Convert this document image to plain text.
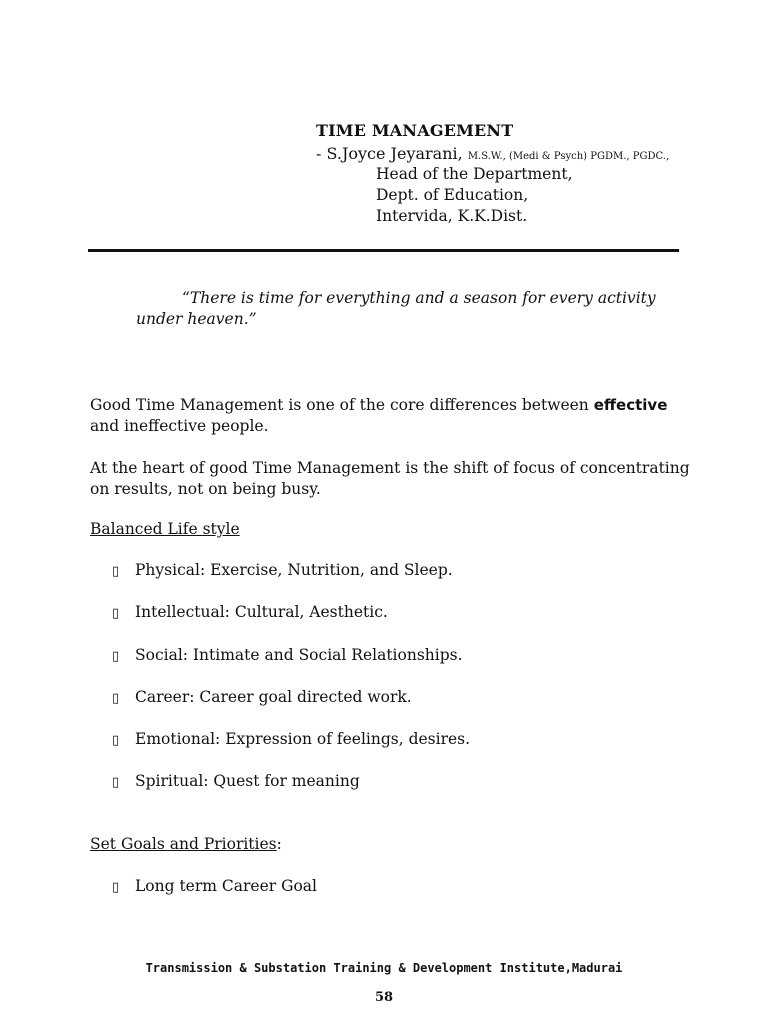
TIME MANAGEMENT
- S.Joyce Jeyarani, M.S.W., (Medi & Psych) PGDM., PGDC.,
Head of the Department,
Dept. of Education,
Intervida, K.K.Dist.
“There is time for everything and a season for every activity under heaven.”
Good Time Management is one of the core differences between effective and ineffective people.
At the heart of good Time Management is the shift of focus of concentrating on results, not on being busy.
Balanced Life style
▯ Physical: Exercise, Nutrition, and Sleep.
▯ Intellectual: Cultural, Aesthetic.
▯ Social: Intimate and Social Relationships.
▯ Career: Career goal directed work.
▯ Emotional: Expression of feelings, desires.
▯ Spiritual: Quest for meaning
Set Goals and Priorities:
▯ Long term Career Goal
Transmission & Substation Training & Development Institute,Madurai
58
